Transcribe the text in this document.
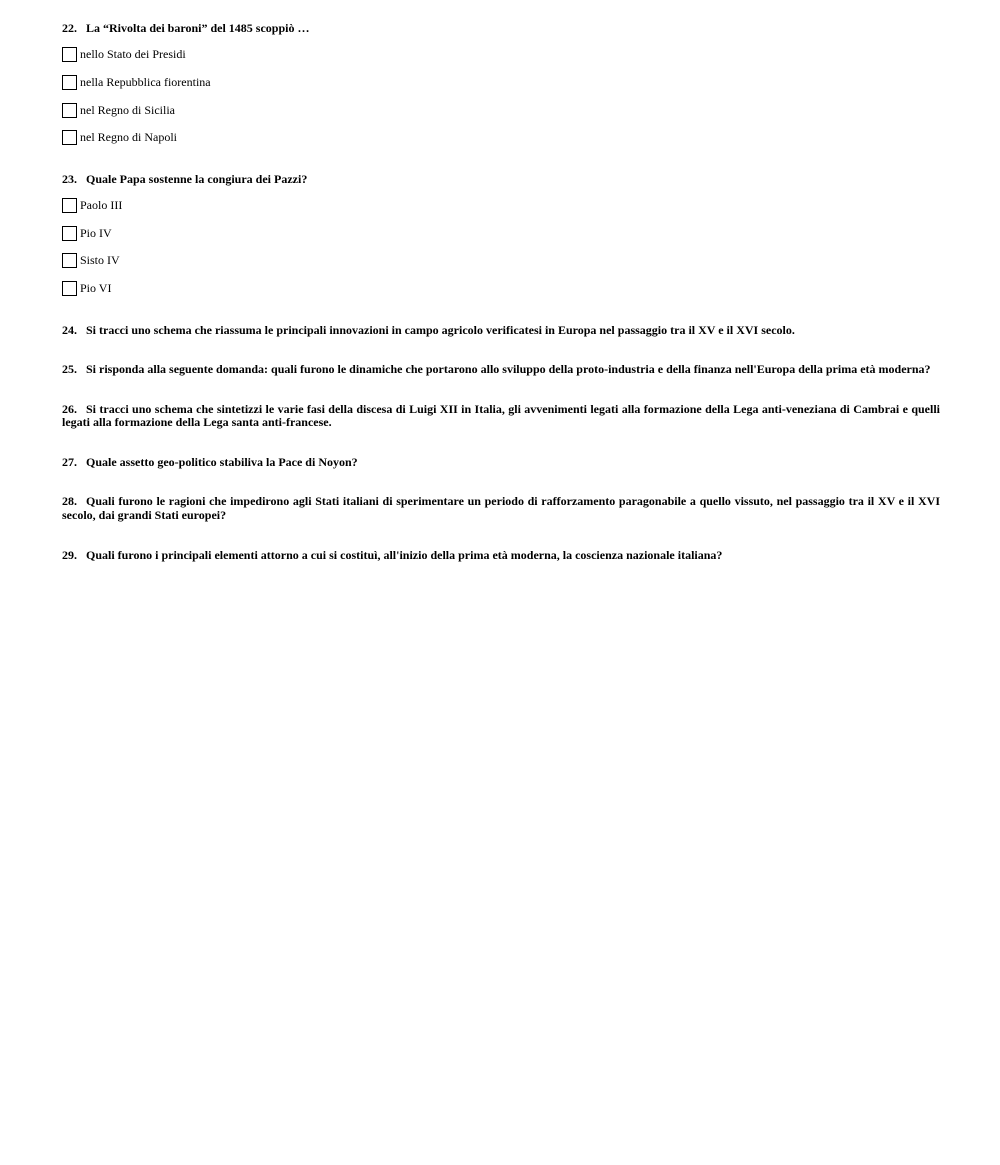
22. La “Rivolta dei baroni” del 1485 scoppiò …

nello Stato dei Presidi
nella Repubblica fiorentina
nel Regno di Sicilia
nel Regno di Napoli

23. Quale Papa sostenne la congiura dei Pazzi?

Paolo III
Pio IV
Sisto IV
Pio VI

24. Si tracci uno schema che riassuma le principali innovazioni in campo agricolo verificatesi in Europa nel passaggio tra il XV e il XVI secolo.

25. Si risponda alla seguente domanda: quali furono le dinamiche che portarono allo sviluppo della proto-industria e della finanza nell'Europa della prima età moderna?

26. Si tracci uno schema che sintetizzi le varie fasi della discesa di Luigi XII in Italia, gli avvenimenti legati alla formazione della Lega anti-veneziana di Cambrai e quelli legati alla formazione della Lega santa anti-francese.

27. Quale assetto geo-politico stabiliva la Pace di Noyon?

28. Quali furono le ragioni che impedirono agli Stati italiani di sperimentare un periodo di rafforzamento paragonabile a quello vissuto, nel passaggio tra il XV e il XVI secolo, dai grandi Stati europei?

29. Quali furono i principali elementi attorno a cui si costituì, all'inizio della prima età moderna, la coscienza nazionale italiana?
